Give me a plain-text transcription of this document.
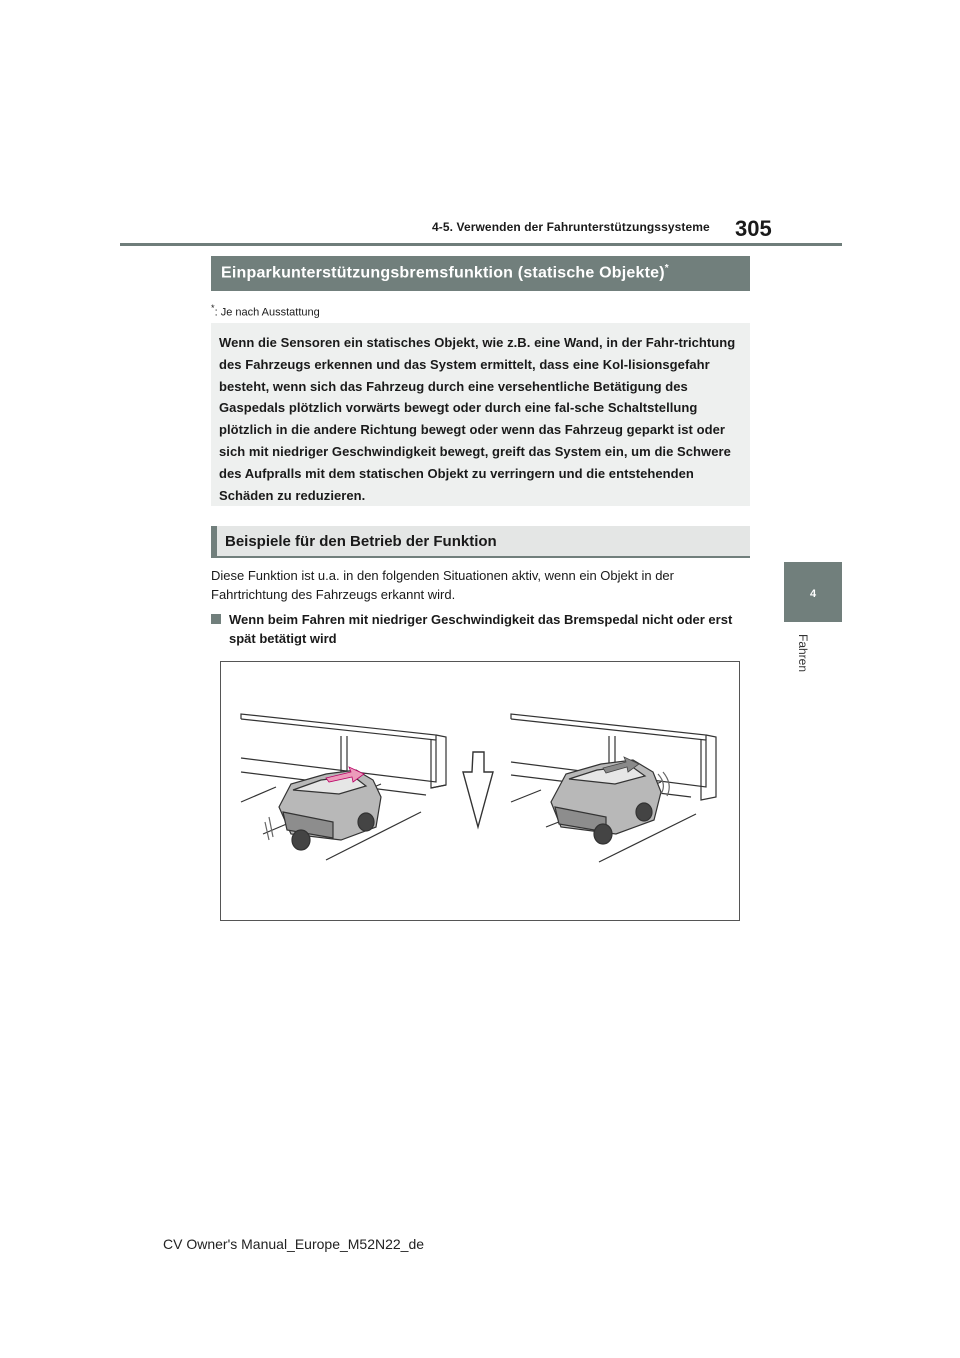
305
4-5. Verwenden der Fahrunterstützungssysteme
4
Fahren
Einparkunterstützungsbremsfunktion (statische Objekte)*
*: Je nach Ausstattung

Wenn die Sensoren ein statisches Objekt, wie z.B. eine Wand, in der Fahr-trichtung des Fahrzeugs erkennen und das System ermittelt, dass eine Kol-lisionsgefahr besteht, wenn sich das Fahrzeug durch eine versehentliche Betätigung des Gaspedals plötzlich vorwärts bewegt oder durch eine fal-sche Schaltstellung plötzlich in die andere Richtung bewegt oder wenn das Fahrzeug geparkt ist oder sich mit niedriger Geschwindigkeit bewegt, greift das System ein, um die Schwere des Aufpralls mit dem statischen Objekt zu verringern und die entstehenden Schäden zu reduzieren.

Beispiele für den Betrieb der Funktion
Diese Funktion ist u.a. in den folgenden Situationen aktiv, wenn ein Objekt in der Fahrtrichtung des Fahrzeugs erkannt wird.
Wenn beim Fahren mit niedriger Geschwindigkeit das Bremspedal nicht oder erst spät betätigt wird
CV Owner's Manual_Europe_M52N22_de
